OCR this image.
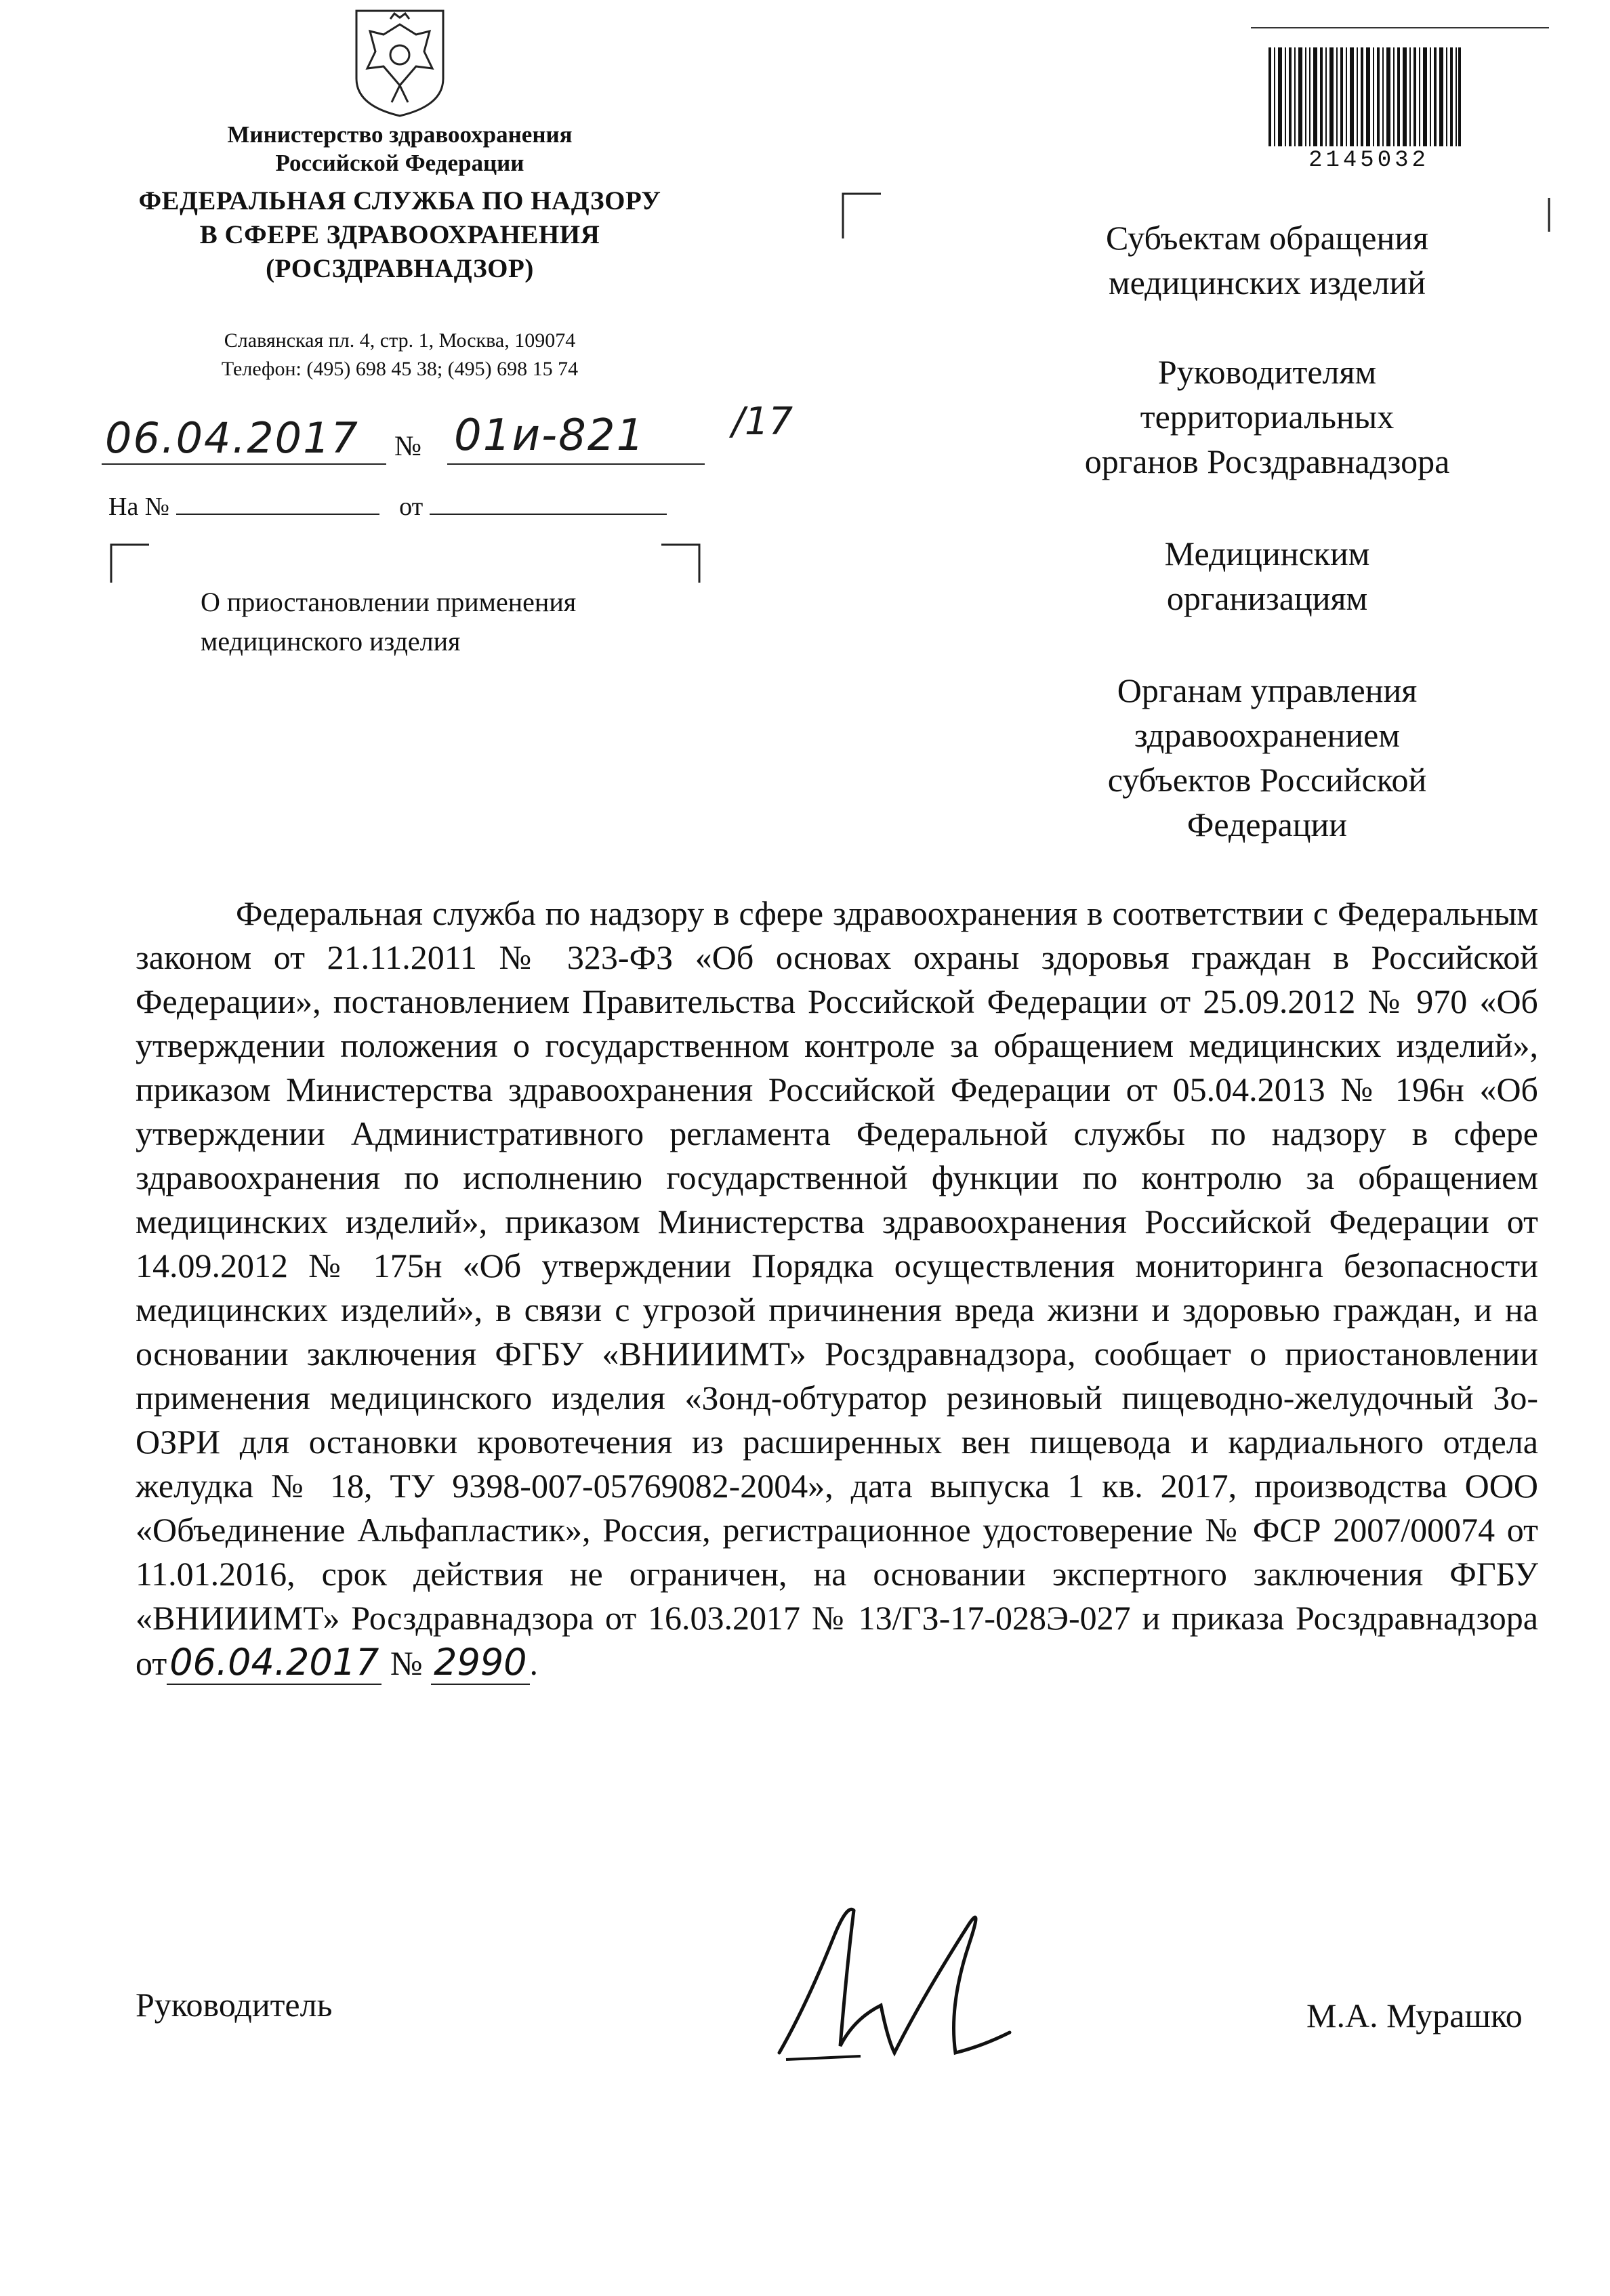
Министерство здравоохранения
Российской Федерации
ФЕДЕРАЛЬНАЯ СЛУЖБА ПО НАДЗОРУ
В СФЕРЕ ЗДРАВООХРАНЕНИЯ
(РОСЗДРАВНАДЗОР)
Славянская пл. 4, стр. 1, Москва, 109074
Телефон: (495) 698 45 38; (495) 698 15 74
06.04.2017 № 01и-821 /17
На №	от
О приостановлении применения
медицинского изделия
2145032
Субъектам обращения
медицинских изделий
Руководителям
территориальных
органов Росздравнадзора
Медицинским
организациям
Органам управления
здравоохранением
субъектов Российской
Федерации
Федеральная служба по надзору в сфере здравоохранения в соответствии с Федеральным законом от 21.11.2011 № 323-ФЗ «Об основах охраны здоровья граждан в Российской Федерации», постановлением Правительства Российской Федерации от 25.09.2012 № 970 «Об утверждении положения о государственном контроле за обращением медицинских изделий», приказом Министерства здравоохранения Российской Федерации от 05.04.2013 № 196н «Об утверждении Административного регламента Федеральной службы по надзору в сфере здравоохранения по исполнению государственной функции по контролю за обращением медицинских изделий», приказом Министерства здравоохранения Российской Федерации от 14.09.2012 № 175н «Об утверждении Порядка осуществления мониторинга безопасности медицинских изделий», в связи с угрозой причинения вреда жизни и здоровью граждан, и на основании заключения ФГБУ «ВНИИИМТ» Росздравнадзора, сообщает о приостановлении применения медицинского изделия «Зонд-обтуратор резиновый пищеводно-желудочный Зо-ОЗРИ для остановки кровотечения из расширенных вен пищевода и кардиального отдела желудка № 18, ТУ 9398-007-05769082-2004», дата выпуска 1 кв. 2017, производства ООО «Объединение Альфапластик», Россия, регистрационное удостоверение № ФСР 2007/00074 от 11.01.2016, срок действия не ограничен, на основании экспертного заключения ФГБУ «ВНИИИМТ» Росздравнадзора от 16.03.2017 № 13/ГЗ-17-028Э-027 и приказа Росздравнадзора от06.04.2017 № 2990.
Руководитель	М.А. Мурашко
